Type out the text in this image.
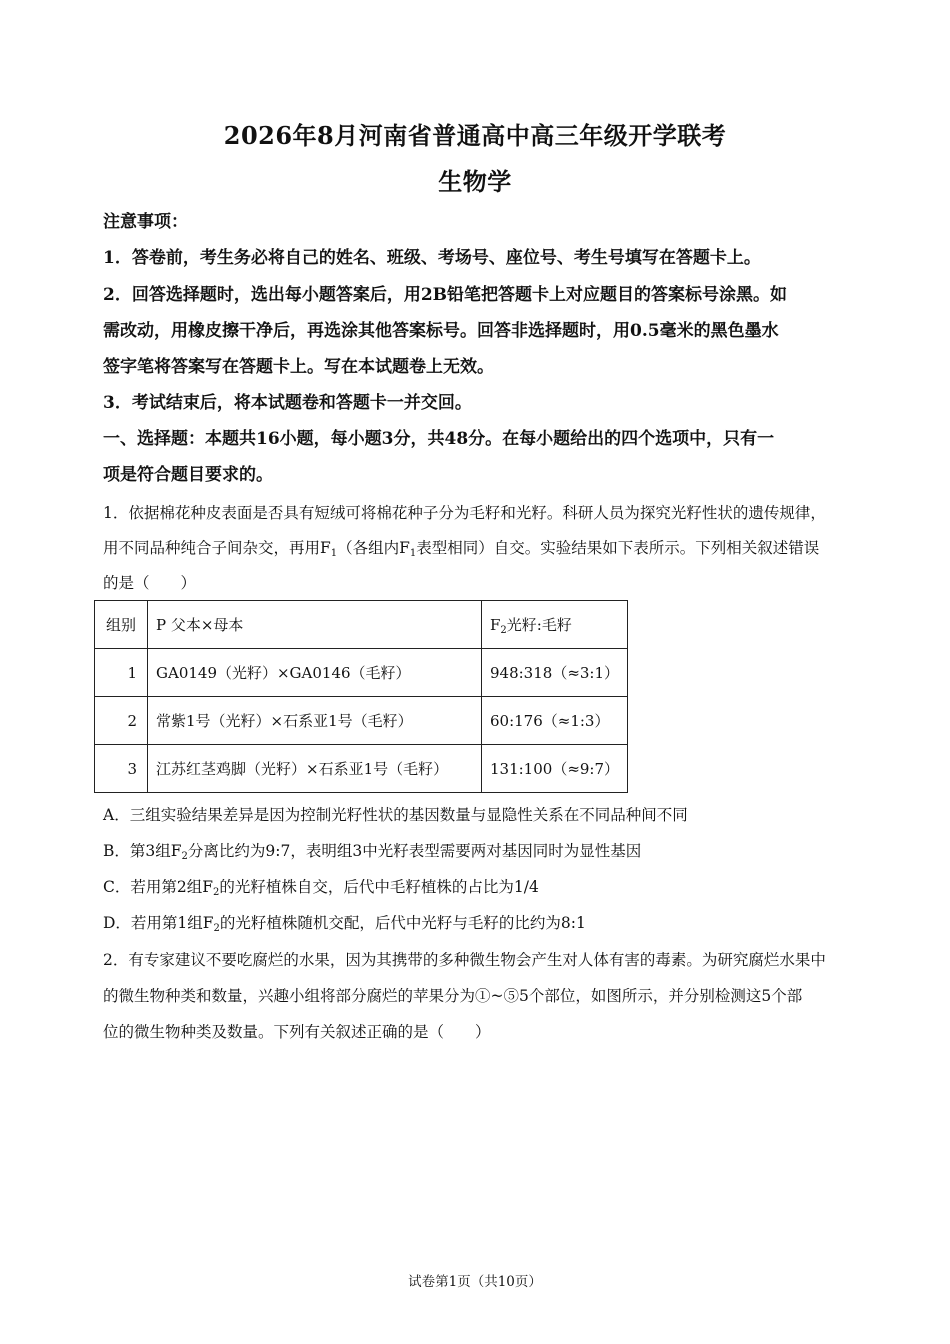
2026年8月河南省普通高中高三年级开学联考
生物学
注意事项：
1．答卷前，考生务必将自己的姓名、班级、考场号、座位号、考生号填写在答题卡上。
2．回答选择题时，选出每小题答案后，用2B铅笔把答题卡上对应题目的答案标号涂黑。如
需改动，用橡皮擦干净后，再选涂其他答案标号。回答非选择题时，用0.5毫米的黑色墨水
签字笔将答案写在答题卡上。写在本试题卷上无效。
3．考试结束后，将本试题卷和答题卡一并交回。
一、选择题：本题共16小题，每小题3分，共48分。在每小题给出的四个选项中，只有一
项是符合题目要求的。
1．依据棉花种皮表面是否具有短绒可将棉花种子分为毛籽和光籽。科研人员为探究光籽性状的遗传规律，
用不同品种纯合子间杂交，再用$F_1$（各组内$F_1$表型相同）自交。实验结果如下表所示。下列相关叙述错误
的是（　　）
组别	P 父本×母本	$F_2$光籽:毛籽
1	GA0149（光籽）×GA0146（毛籽）	948:318（≈3:1）
2	常紫1号（光籽）×石系亚1号（毛籽）	60:176（≈1:3）
3	江苏红茎鸡脚（光籽）×石系亚1号（毛籽）	131:100（≈9:7）
A．三组实验结果差异是因为控制光籽性状的基因数量与显隐性关系在不同品种间不同
B．第3组$F_2$分离比约为9:7，表明组3中光籽表型需要两对基因同时为显性基因
C．若用第2组$F_2$的光籽植株自交，后代中毛籽植株的占比为1/4
D．若用第1组$F_2$的光籽植株随机交配，后代中光籽与毛籽的比约为8:1
2．有专家建议不要吃腐烂的水果，因为其携带的多种微生物会产生对人体有害的毒素。为研究腐烂水果中
的微生物种类和数量，兴趣小组将部分腐烂的苹果分为①~⑤5个部位，如图所示，并分别检测这5个部
位的微生物种类及数量。下列有关叙述正确的是（　　）
试卷第1页（共10页）
